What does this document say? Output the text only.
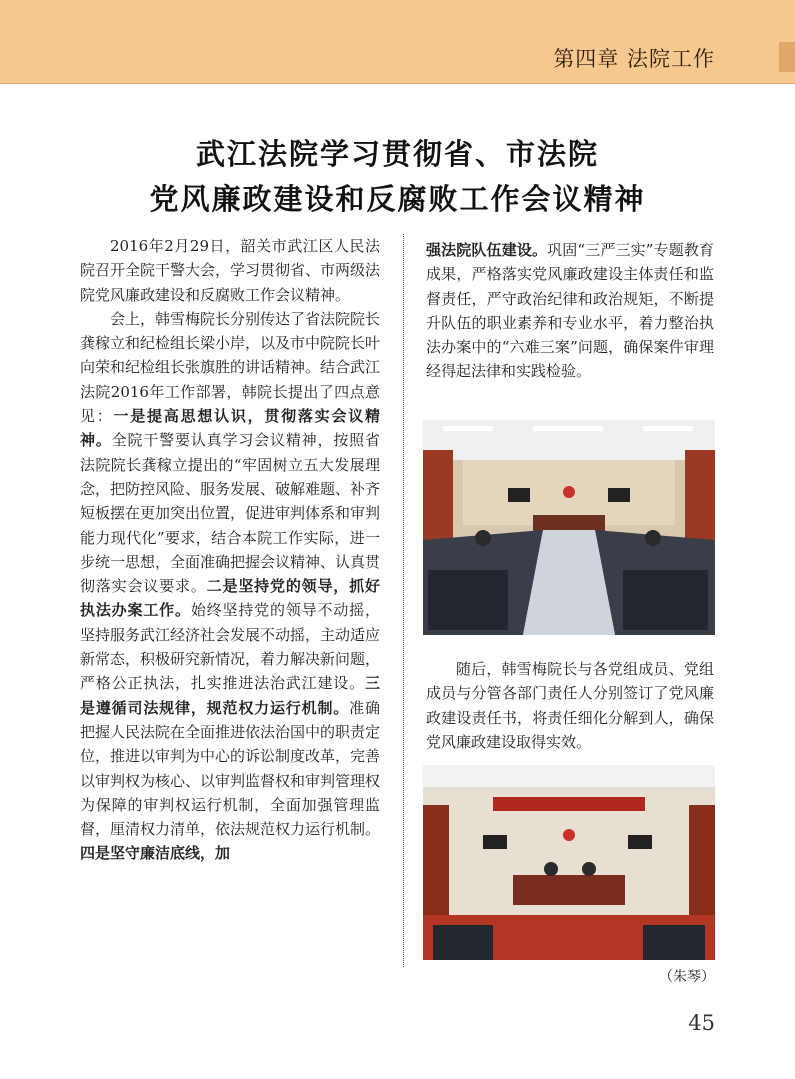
第四章 法院工作
武江法院学习贯彻省、市法院
党风廉政建设和反腐败工作会议精神

2016年2月29日，韶关市武江区人民法院召开全院干警大会，学习贯彻省、市两级法院党风廉政建设和反腐败工作会议精神。

会上，韩雪梅院长分别传达了省法院院长龚稼立和纪检组长梁小岸，以及市中院院长叶向荣和纪检组长张旗胜的讲话精神。结合武江法院2016年工作部署，韩院长提出了四点意见：一是提高思想认识，贯彻落实会议精神。全院干警要认真学习会议精神，按照省法院院长龚稼立提出的“牢固树立五大发展理念，把防控风险、服务发展、破解难题、补齐短板摆在更加突出位置，促进审判体系和审判能力现代化”要求，结合本院工作实际，进一步统一思想，全面准确把握会议精神、认真贯彻落实会议要求。二是坚持党的领导，抓好执法办案工作。始终坚持党的领导不动摇，坚持服务武江经济社会发展不动摇，主动适应新常态，积极研究新情况，着力解决新问题，严格公正执法，扎实推进法治武江建设。三是遵循司法规律，规范权力运行机制。准确把握人民法院在全面推进依法治国中的职责定位，推进以审判为中心的诉讼制度改革，完善以审判权为核心、以审判监督权和审判管理权为保障的审判权运行机制，全面加强管理监督，厘清权力清单，依法规范权力运行机制。四是坚守廉洁底线，加

强法院队伍建设。巩固“三严三实”专题教育成果，严格落实党风廉政建设主体责任和监督责任，严守政治纪律和政治规矩，不断提升队伍的职业素养和专业水平，着力整治执法办案中的“六难三案”问题，确保案件审理经得起法律和实践检验。

随后，韩雪梅院长与各党组成员、党组成员与分管各部门责任人分别签订了党风廉政建设责任书，将责任细化分解到人，确保党风廉政建设取得实效。

（朱琴）
45
